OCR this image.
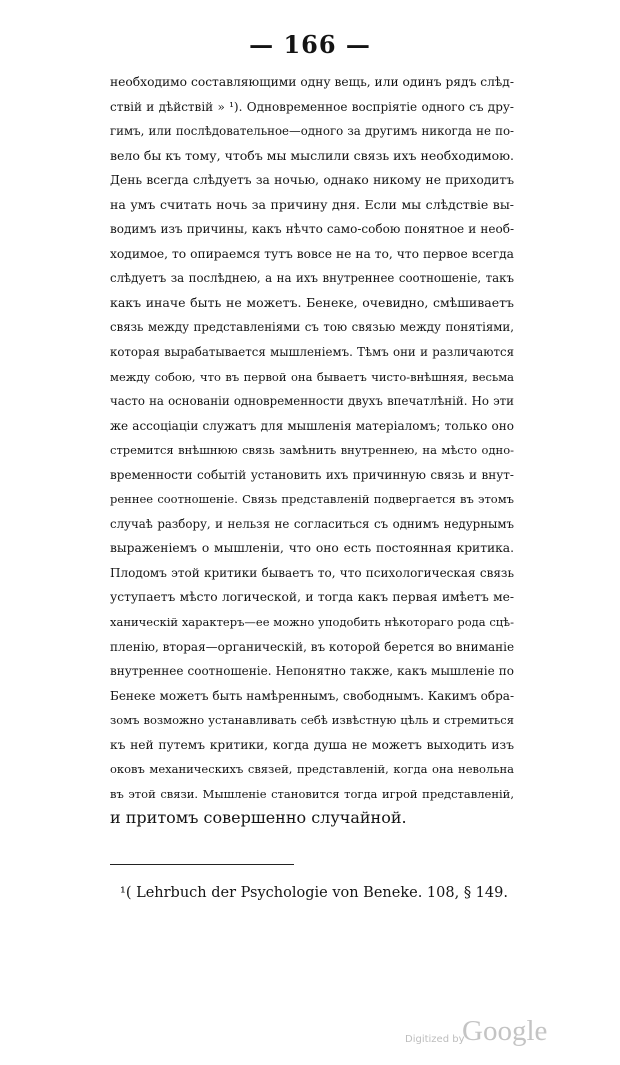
— 166 —
необходимо составляющими одну вещь, или одинъ рядъ слѣд-
ствій и дѣйствій » ¹). Одновременное воспріятіе одного съ дру-
гимъ, или послѣдовательное—одного за другимъ никогда не по-
вело бы къ тому, чтобъ мы мыслили связь ихъ необходимою.
День всегда слѣдуетъ за ночью, однако никому не приходитъ
на умъ считать ночь за причину дня. Если мы слѣдствіе вы-
водимъ изъ причины, какъ нѣчто само-собою понятное и необ-
ходимое, то опираемся тутъ вовсе не на то, что первое всегда
слѣдуетъ за послѣднею, а на ихъ внутреннее соотношеніе, такъ
какъ иначе быть не можетъ. Бенеке, очевидно, смѣшиваетъ
связь между представленіями съ тою связью между понятіями,
которая вырабатывается мышленіемъ. Тѣмъ они и различаются
между собою, что въ первой она бываетъ чисто-внѣшняя, весьма
часто на основаніи одновременности двухъ впечатлѣній. Но эти
же ассоціаціи служатъ для мышленія матеріаломъ; только оно
стремится внѣшнюю связь замѣнить внутреннею, на мѣсто одно-
временности событій установить ихъ причинную связь и внут-
реннее соотношеніе. Связь представленій подвергается въ этомъ
случаѣ разбору, и нельзя не согласиться съ однимъ недурнымъ
выраженіемъ о мышленіи, что оно есть постоянная критика.
Плодомъ этой критики бываетъ то, что психологическая связь
уступаетъ мѣсто логической, и тогда какъ первая имѣетъ ме-
ханическій характеръ—ее можно уподобить нѣкотораго рода сцѣ-
пленію, вторая—органическій, въ которой берется во вниманіе
внутреннее соотношеніе. Непонятно также, какъ мышленіе по
Бенеке можетъ быть намѣреннымъ, свободнымъ. Какимъ обра-
зомъ возможно устанавливать себѣ извѣстную цѣль и стремиться
къ ней путемъ критики, когда душа не можетъ выходить изъ
оковъ механическихъ связей, представленій, когда она невольна
въ этой связи. Мышленіе становится тогда игрой представленій,
и притомъ совершенно случайной.
¹( Lehrbuch der Psychologie von Beneke. 108, § 149.
Digitized by
Google
